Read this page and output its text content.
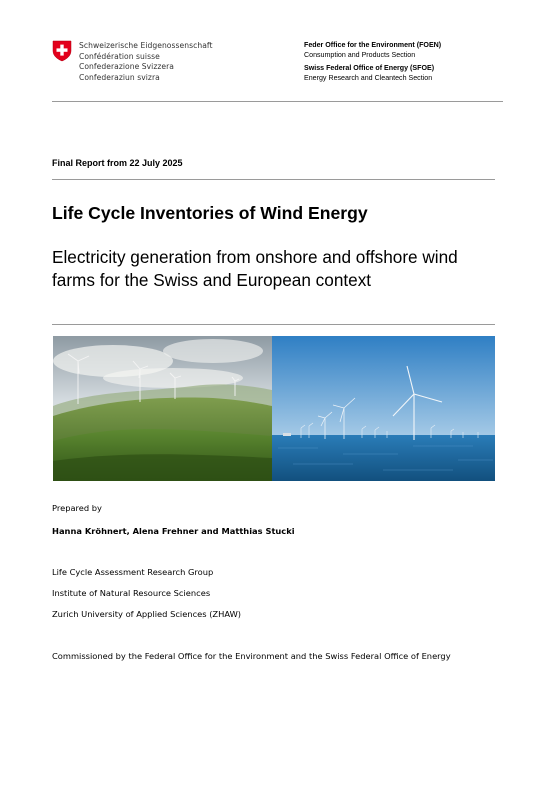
Schweizerische Eidgenossenschaft
Confédération suisse
Confederazione Svizzera
Confederaziun svizra
Feder Office for the Environment (FOEN)
Consumption and Products Section
Swiss Federal Office of Energy (SFOE)
Energy Research and Cleantech Section
Final Report from 22 July 2025
Life Cycle Inventories of Wind Energy
Electricity generation from onshore and offshore wind farms for the Swiss and European context
Prepared by
Hanna Kröhnert, Alena Frehner and Matthias Stucki
Life Cycle Assessment Research Group
Institute of Natural Resource Sciences
Zurich University of Applied Sciences (ZHAW)
Commissioned by the Federal Office for the Environment and the Swiss Federal Office of Energy
